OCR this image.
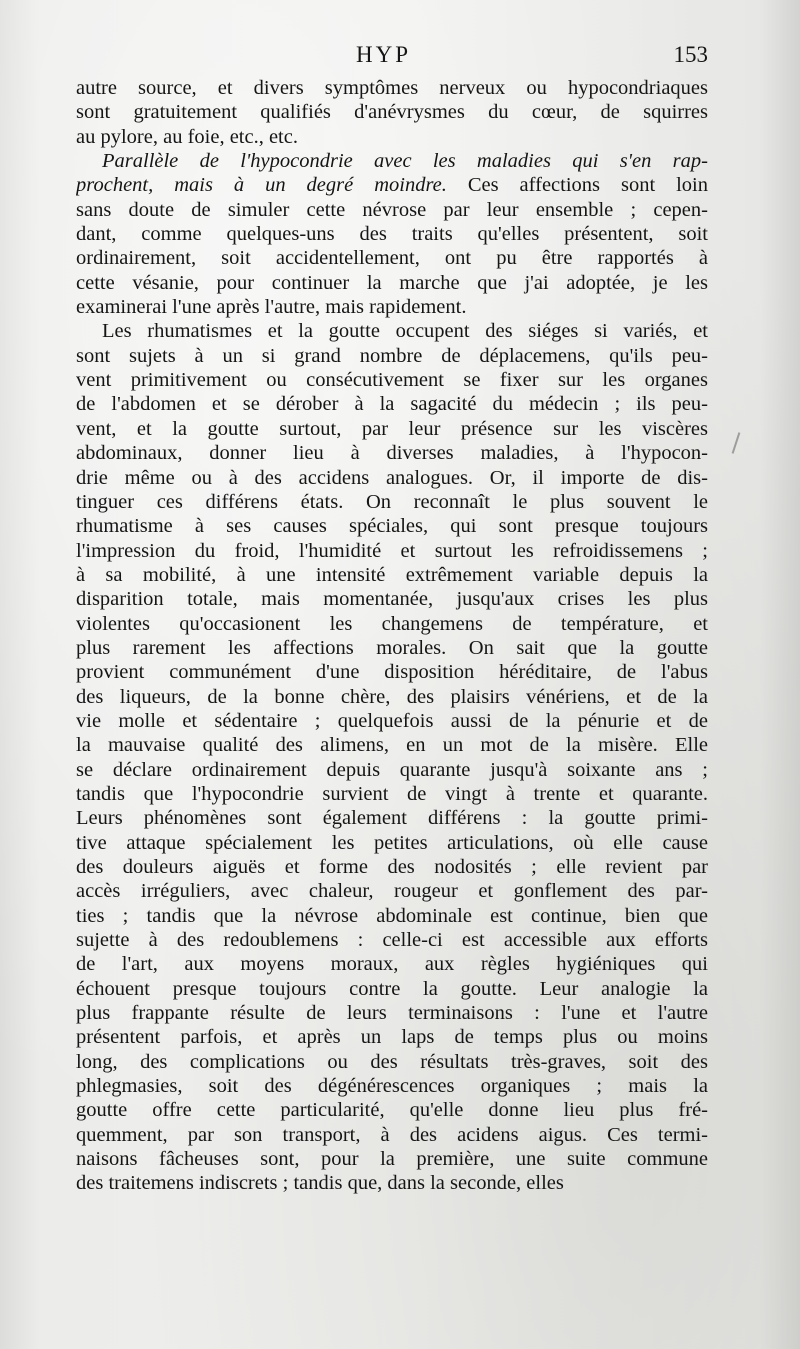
HYP	153
autre source, et divers symptômes nerveux ou hypocondriaques
sont gratuitement qualifiés d'anévrysmes du cœur, de squirres
au pylore, au foie, etc., etc.
Parallèle de l'hypocondrie avec les maladies qui s'en rap-
prochent, mais à un degré moindre. Ces affections sont loin
sans doute de simuler cette névrose par leur ensemble ; cepen-
dant, comme quelques-uns des traits qu'elles présentent, soit
ordinairement, soit accidentellement, ont pu être rapportés à
cette vésanie, pour continuer la marche que j'ai adoptée, je les
examinerai l'une après l'autre, mais rapidement.
Les rhumatismes et la goutte occupent des siéges si variés, et
sont sujets à un si grand nombre de déplacemens, qu'ils peu-
vent primitivement ou consécutivement se fixer sur les organes
de l'abdomen et se dérober à la sagacité du médecin ; ils peu-
vent, et la goutte surtout, par leur présence sur les viscères
abdominaux, donner lieu à diverses maladies, à l'hypocon-
drie même ou à des accidens analogues. Or, il importe de dis-
tinguer ces différens états. On reconnaît le plus souvent le
rhumatisme à ses causes spéciales, qui sont presque toujours
l'impression du froid, l'humidité et surtout les refroidissemens ;
à sa mobilité, à une intensité extrêmement variable depuis la
disparition totale, mais momentanée, jusqu'aux crises les plus
violentes qu'occasionent les changemens de température, et
plus rarement les affections morales. On sait que la goutte
provient communément d'une disposition héréditaire, de l'abus
des liqueurs, de la bonne chère, des plaisirs vénériens, et de la
vie molle et sédentaire ; quelquefois aussi de la pénurie et de
la mauvaise qualité des alimens, en un mot de la misère. Elle
se déclare ordinairement depuis quarante jusqu'à soixante ans ;
tandis que l'hypocondrie survient de vingt à trente et quarante.
Leurs phénomènes sont également différens : la goutte primi-
tive attaque spécialement les petites articulations, où elle cause
des douleurs aiguës et forme des nodosités ; elle revient par
accès irréguliers, avec chaleur, rougeur et gonflement des par-
ties ; tandis que la névrose abdominale est continue, bien que
sujette à des redoublemens : celle-ci est accessible aux efforts
de l'art, aux moyens moraux, aux règles hygiéniques qui
échouent presque toujours contre la goutte. Leur analogie la
plus frappante résulte de leurs terminaisons : l'une et l'autre
présentent parfois, et après un laps de temps plus ou moins
long, des complications ou des résultats très-graves, soit des
phlegmasies, soit des dégénérescences organiques ; mais la
goutte offre cette particularité, qu'elle donne lieu plus fré-
quemment, par son transport, à des acidens aigus. Ces termi-
naisons fâcheuses sont, pour la première, une suite commune
des traitemens indiscrets ; tandis que, dans la seconde, elles
